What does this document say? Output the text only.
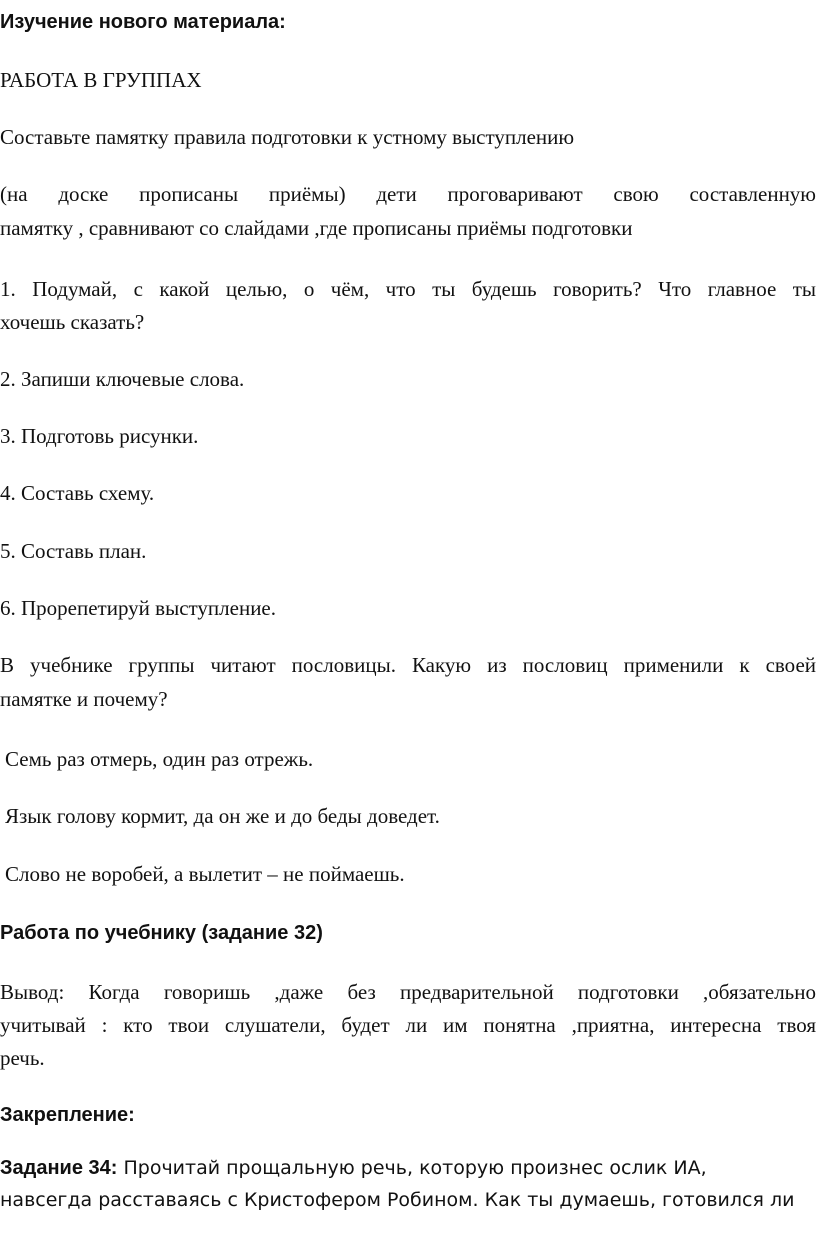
Изучение нового материала:
РАБОТА В ГРУППАХ
Составьте памятку правила подготовки к устному выступлению
(на доске прописаны приёмы) дети проговаривают свою составленную
памятку , сравнивают со слайдами ,где прописаны приёмы подготовки
1. Подумай, с какой целью, о чём, что ты будешь говорить? Что главное ты
хочешь сказать?
2. Запиши ключевые слова.
3. Подготовь рисунки.
4. Составь схему.
5. Составь план.
6. Прорепетируй выступление.
В учебнике группы читают пословицы. Какую из пословиц применили к своей
памятке и почему?
Семь раз отмерь, один раз отрежь.
Язык голову кормит, да он же и до беды доведет.
Слово не воробей, а вылетит – не поймаешь.
Работа по учебнику (задание 32)
Вывод: Когда говоришь ,даже без предварительной подготовки ,обязательно
учитывай : кто твои слушатели, будет ли им понятна ,приятна, интересна твоя
речь.
Закрепление:
Задание 34: Прочитай прощальную речь, которую произнес ослик ИА,
навсегда расставаясь с Кристофером Робином. Как ты думаешь, готовился ли
